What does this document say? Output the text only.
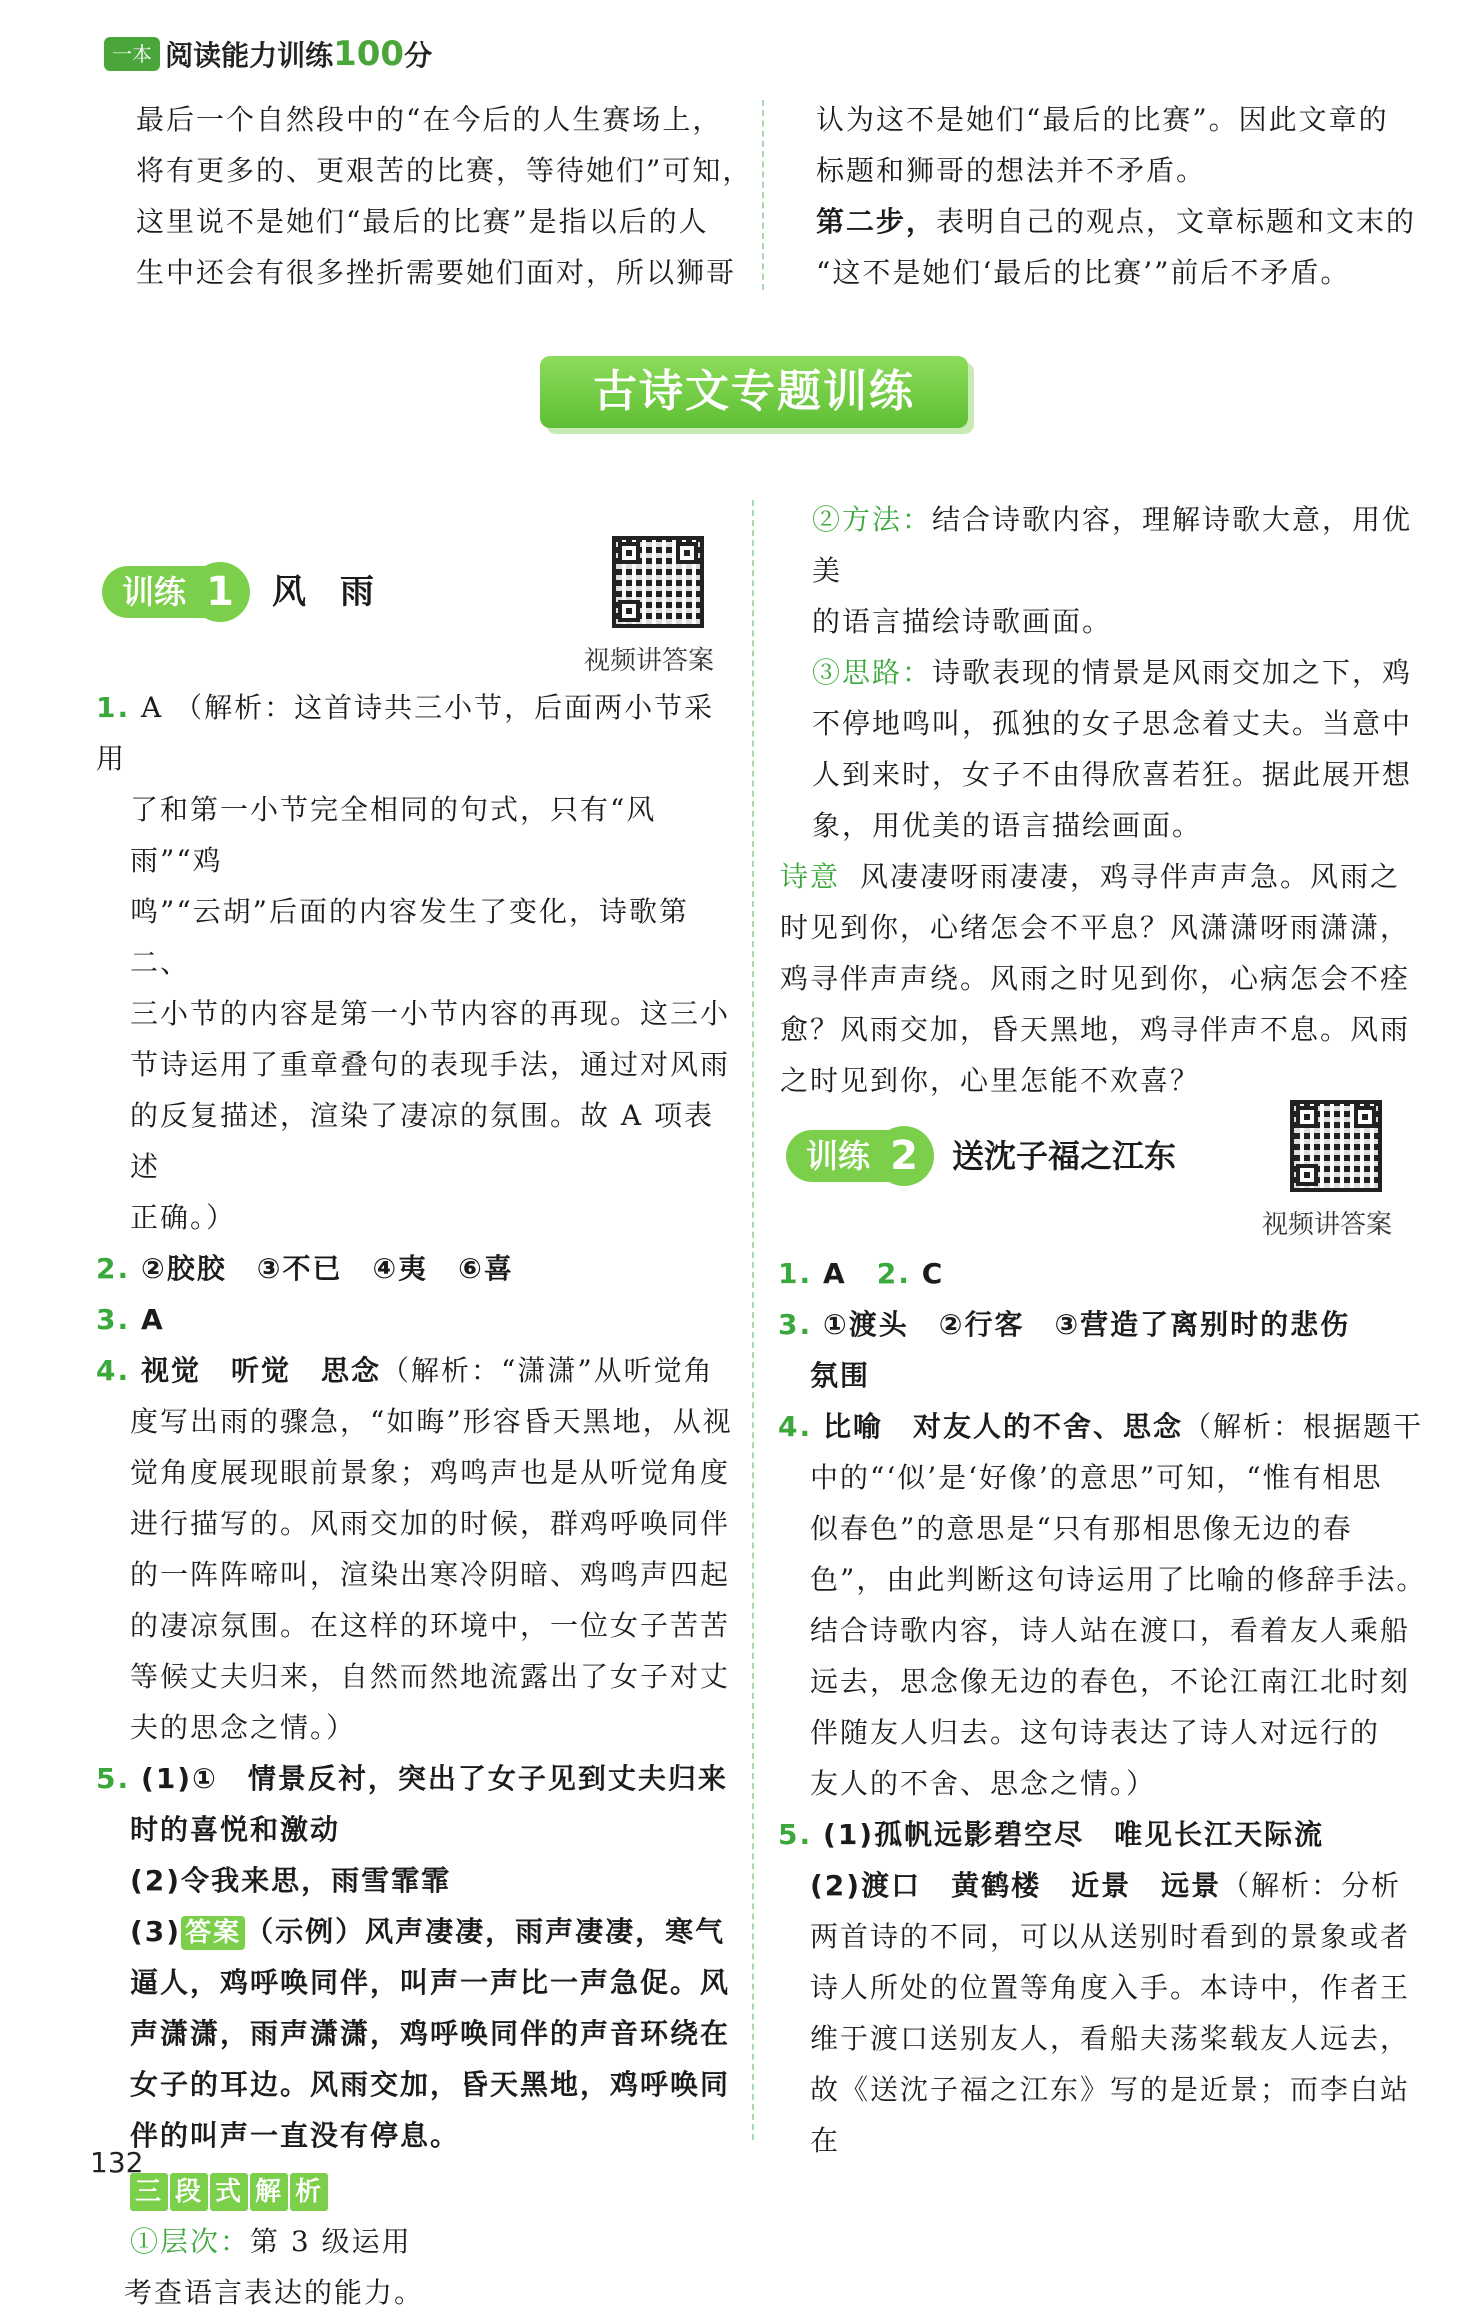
一本 阅读能力训练100分

最后一个自然段中的“在今后的人生赛场上，

将有更多的、更艰苦的比赛，等待她们”可知，

这里说不是她们“最后的比赛”是指以后的人

生中还会有很多挫折需要她们面对，所以狮哥

认为这不是她们“最后的比赛”。因此文章的

标题和狮哥的想法并不矛盾。

第二步，表明自己的观点，文章标题和文末的

“这不是她们‘最后的比赛’”前后不矛盾。

古诗文专题训练
训练 1	风　雨
视频讲答案

1. A （解析：这首诗共三小节，后面两小节采用

了和第一小节完全相同的句式，只有“风雨”“鸡

鸣”“云胡”后面的内容发生了变化，诗歌第二、

三小节的内容是第一小节内容的再现。这三小

节诗运用了重章叠句的表现手法，通过对风雨

的反复描述，渲染了凄凉的氛围。故 A 项表述

正确。）

2. ②胶胶　③不已　④夷　⑥喜

3. A

4. 视觉　听觉　思念（解析：“潇潇”从听觉角

度写出雨的骤急，“如晦”形容昏天黑地，从视

觉角度展现眼前景象；鸡鸣声也是从听觉角度

进行描写的。风雨交加的时候，群鸡呼唤同伴

的一阵阵啼叫，渲染出寒冷阴暗、鸡鸣声四起

的凄凉氛围。在这样的环境中，一位女子苦苦

等候丈夫归来，自然而然地流露出了女子对丈

夫的思念之情。）

5. (1)①　情景反衬，突出了女子见到丈夫归来

时的喜悦和激动

(2)令我来思，雨雪霏霏

(3) 答案 （示例）风声凄凄，雨声凄凄，寒气

逼人，鸡呼唤同伴，叫声一声比一声急促。风

声潇潇，雨声潇潇，鸡呼唤同伴的声音环绕在

女子的耳边。风雨交加，昏天黑地，鸡呼唤同

伴的叫声一直没有停息。

三 段 式 解 析

①层次：第 3 级运用

考查语言表达的能力。

②方法：结合诗歌内容，理解诗歌大意，用优美

的语言描绘诗歌画面。

③思路：诗歌表现的情景是风雨交加之下，鸡

不停地鸣叫，孤独的女子思念着丈夫。当意中

人到来时，女子不由得欣喜若狂。据此展开想

象，用优美的语言描绘画面。

诗意 风凄凄呀雨凄凄，鸡寻伴声声急。风雨之

时见到你，心绪怎会不平息？风潇潇呀雨潇潇，

鸡寻伴声声绕。风雨之时见到你，心病怎会不痊

愈？风雨交加，昏天黑地，鸡寻伴声不息。风雨

之时见到你，心里怎能不欢喜？

训练 2	送沈子福之江东
视频讲答案

1. A　 2. C

3. ①渡头　②行客　③营造了离别时的悲伤

氛围

4. 比喻　对友人的不舍、思念（解析：根据题干

中的“‘似’是‘好像’的意思”可知，“惟有相思

似春色”的意思是“只有那相思像无边的春

色”，由此判断这句诗运用了比喻的修辞手法。

结合诗歌内容，诗人站在渡口，看着友人乘船

远去，思念像无边的春色，不论江南江北时刻

伴随友人归去。这句诗表达了诗人对远行的

友人的不舍、思念之情。）

5. (1)孤帆远影碧空尽　唯见长江天际流

(2)渡口　黄鹤楼　近景　远景（解析：分析

两首诗的不同，可以从送别时看到的景象或者

诗人所处的位置等角度入手。本诗中，作者王

维于渡口送别友人，看船夫荡桨载友人远去，

故《送沈子福之江东》写的是近景；而李白站在

132
